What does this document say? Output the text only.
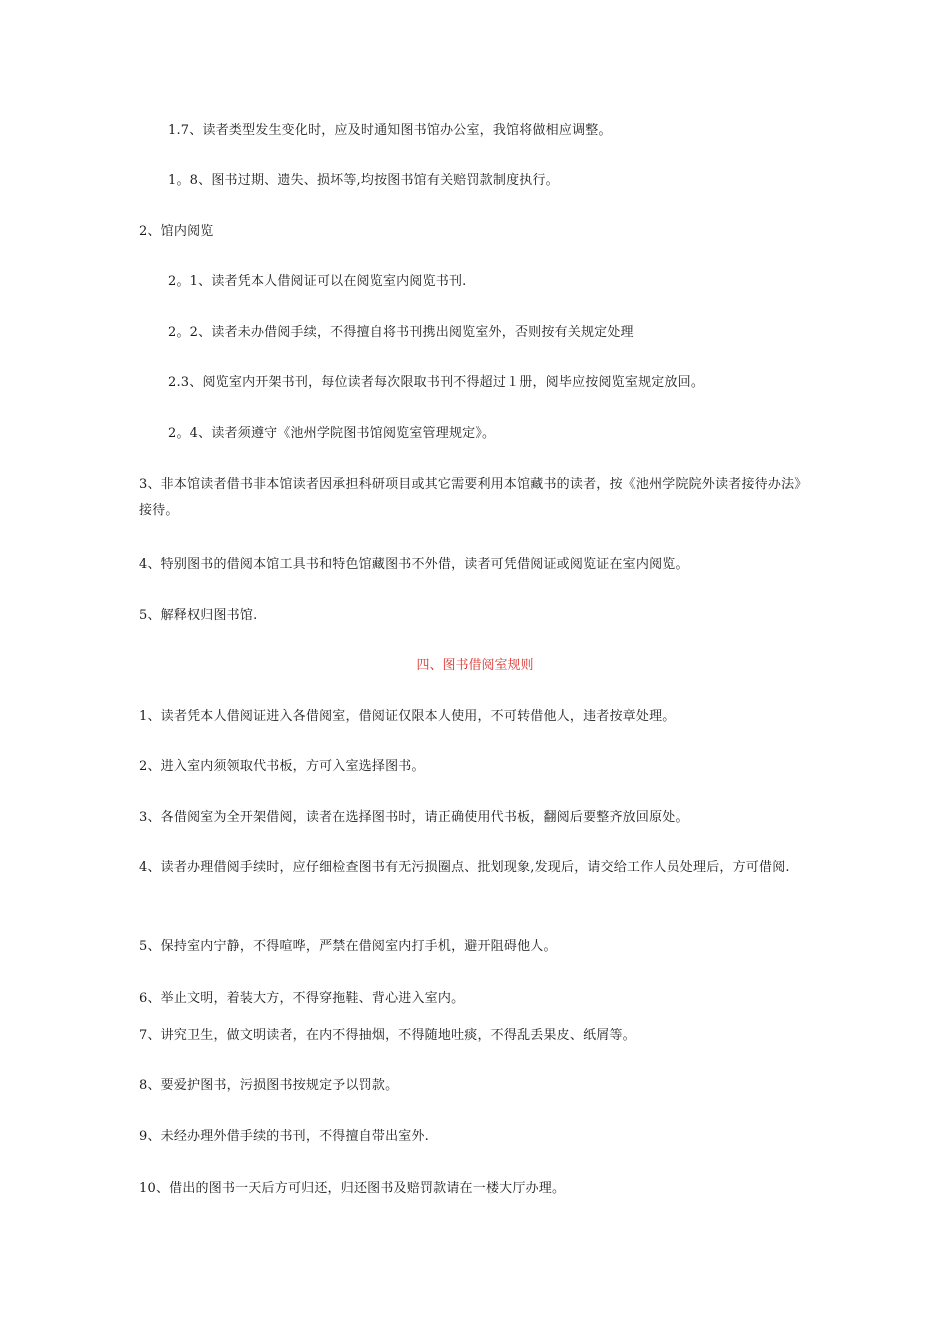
1.7、读者类型发生变化时，应及时通知图书馆办公室，我馆将做相应调整。
1。8、图书过期、遗失、损坏等,均按图书馆有关赔罚款制度执行。
2、馆内阅览
2。1、读者凭本人借阅证可以在阅览室内阅览书刊.
2。2、读者未办借阅手续，不得擅自将书刊携出阅览室外，否则按有关规定处理
2.3、阅览室内开架书刊，每位读者每次限取书刊不得超过１册，阅毕应按阅览室规定放回。
2。4、读者须遵守《池州学院图书馆阅览室管理规定》。
3、非本馆读者借书非本馆读者因承担科研项目或其它需要利用本馆藏书的读者，按《池州学院院外读者接待办法》接待。
4、特别图书的借阅本馆工具书和特色馆藏图书不外借，读者可凭借阅证或阅览证在室内阅览。
5、解释权归图书馆.
四、图书借阅室规则
1、读者凭本人借阅证进入各借阅室，借阅证仅限本人使用，不可转借他人，违者按章处理。
2、进入室内须领取代书板，方可入室选择图书。
3、各借阅室为全开架借阅，读者在选择图书时，请正确使用代书板，翻阅后要整齐放回原处。
4、读者办理借阅手续时，应仔细检查图书有无污损圈点、批划现象,发现后，请交给工作人员处理后，方可借阅.
5、保持室内宁静，不得喧哗，严禁在借阅室内打手机，避开阻碍他人。
6、举止文明，着装大方，不得穿拖鞋、背心进入室内。
7、讲究卫生，做文明读者，在内不得抽烟，不得随地吐痰，不得乱丢果皮、纸屑等。
8、要爱护图书，污损图书按规定予以罚款。
9、未经办理外借手续的书刊，不得擅自带出室外.
10、借出的图书一天后方可归还，归还图书及赔罚款请在一楼大厅办理。
